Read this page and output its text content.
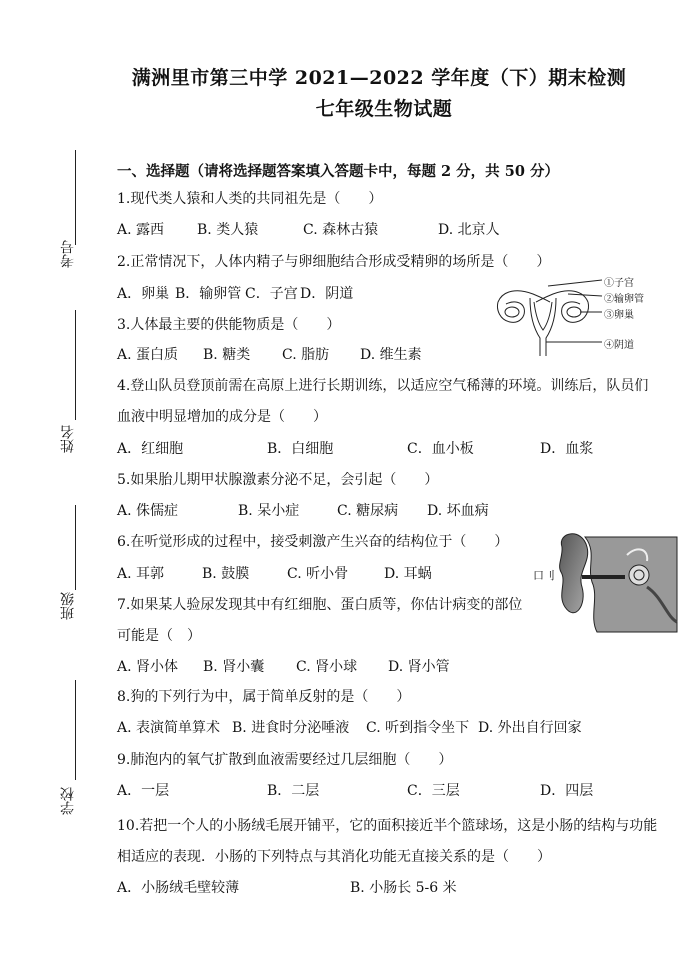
满洲里市第三中学 2021—2022 学年度（下）期末检测
七年级生物试题
考号
姓名
班级
学校
一、选择题（请将选择题答案填入答题卡中，每题 2 分，共 50 分）
1.现代类人猿和人类的共同祖先是（　　）
A. 露西 B. 类人猿	C. 森林古猿	D. 北京人
2.正常情况下，人体内精子与卵细胞结合形成受精卵的场所是（　　）
A．卵巢 B．输卵管 C．子宫 D．阴道
3.人体最主要的供能物质是（　　）
A. 蛋白质 B. 糖类 C. 脂肪 D. 维生素
4.登山队员登顶前需在高原上进行长期训练，以适应空气稀薄的环境。训练后，队员们
血液中明显增加的成分是（　　）
A．红细胞	B．白细胞	C．血小板	D．血浆
5.如果胎儿期甲状腺激素分泌不足，会引起（　　）
A. 侏儒症	B. 呆小症	C. 糖尿病 D. 坏血病
6.在听觉形成的过程中，接受刺激产生兴奋的结构位于（　　）
A. 耳郭	B. 鼓膜	C. 听小骨	D. 耳蜗
7.如果某人验尿发现其中有红细胞、蛋白质等，你估计病变的部位
可能是（　）
A. 肾小体 B. 肾小囊 C. 肾小球 D. 肾小管
8.狗的下列行为中，属于简单反射的是（　　）
A. 表演简单算术 B. 进食时分泌唾液 C. 听到指令坐下 D. 外出自行回家
9.肺泡内的氧气扩散到血液需要经过几层细胞（　　）
A．一层	B．二层	C．三层	D．四层
10.若把一个人的小肠绒毛展开铺平，它的面积接近半个篮球场，这是小肠的结构与功能
相适应的表现．小肠的下列特点与其消化功能无直接关系的是（　　）
A．小肠绒毛壁较薄	B. 小肠长 5-6 米
①子宫
②输卵管
③卵巢
④阴道
口刂
